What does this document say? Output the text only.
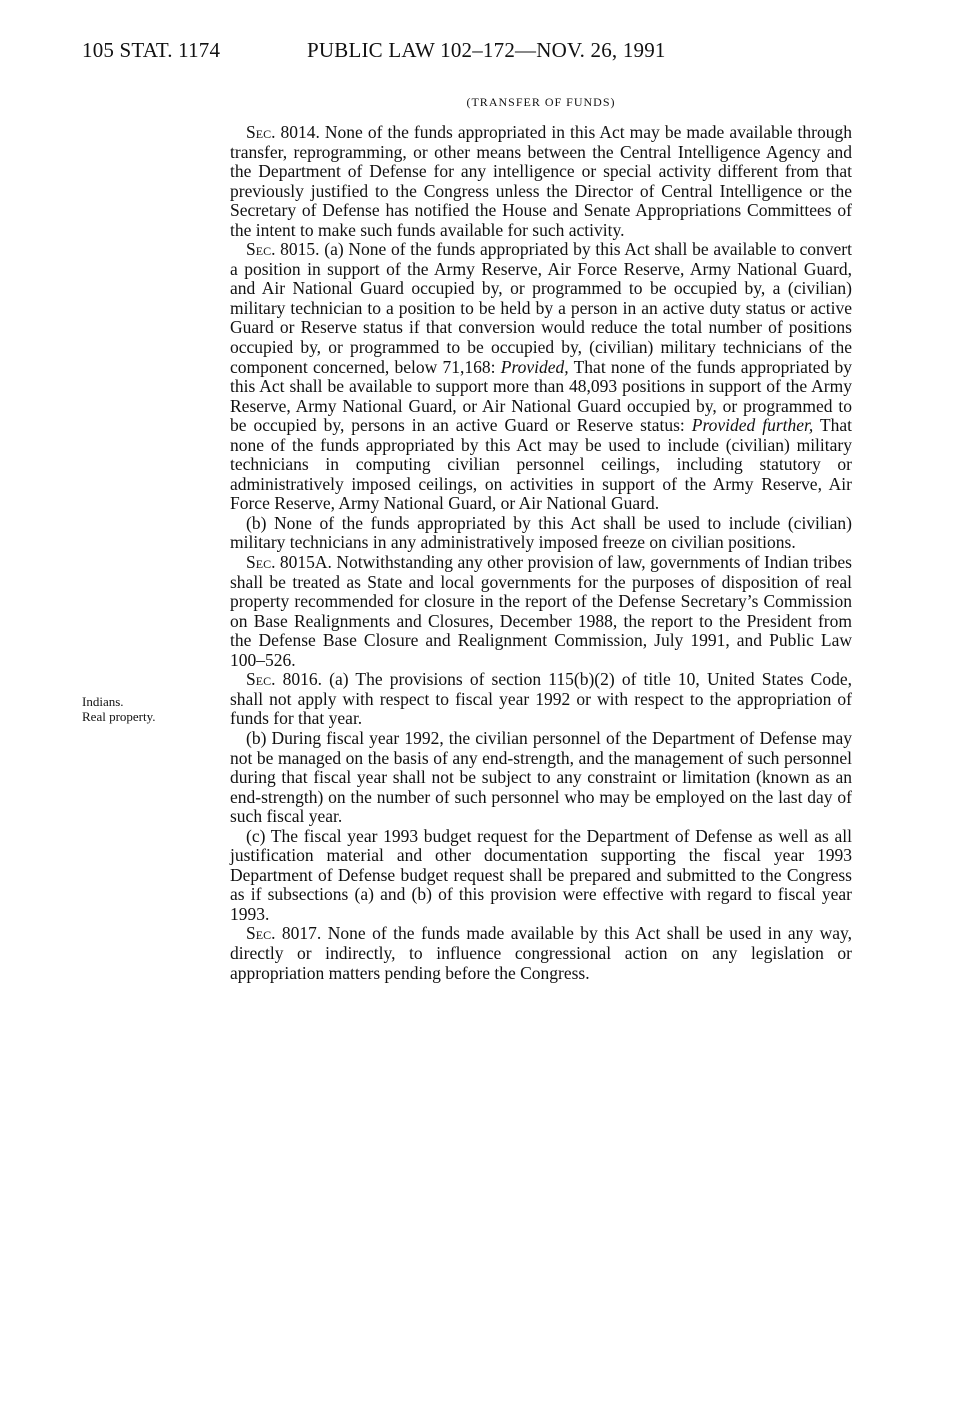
105 STAT. 1174	PUBLIC LAW 102–172—NOV. 26, 1991
(TRANSFER OF FUNDS)
Indians.
Real property.

Sec. 8014. None of the funds appropriated in this Act may be made available through transfer, reprogramming, or other means between the Central Intelligence Agency and the Department of Defense for any intelligence or special activity different from that previously justified to the Congress unless the Director of Central Intelligence or the Secretary of Defense has notified the House and Senate Appropriations Committees of the intent to make such funds available for such activity.

Sec. 8015. (a) None of the funds appropriated by this Act shall be available to convert a position in support of the Army Reserve, Air Force Reserve, Army National Guard, and Air National Guard occupied by, or programmed to be occupied by, a (civilian) military technician to a position to be held by a person in an active duty status or active Guard or Reserve status if that conversion would reduce the total number of positions occupied by, or programmed to be occupied by, (civilian) military technicians of the component concerned, below 71,168: Provided, That none of the funds appropriated by this Act shall be available to support more than 48,093 positions in support of the Army Reserve, Army National Guard, or Air National Guard occupied by, or programmed to be occupied by, persons in an active Guard or Reserve status: Provided further, That none of the funds appropriated by this Act may be used to include (civilian) military technicians in computing civilian personnel ceilings, including statutory or administratively imposed ceilings, on activities in support of the Army Reserve, Air Force Reserve, Army National Guard, or Air National Guard.

(b) None of the funds appropriated by this Act shall be used to include (civilian) military technicians in any administratively imposed freeze on civilian positions.

Sec. 8015A. Notwithstanding any other provision of law, governments of Indian tribes shall be treated as State and local governments for the purposes of disposition of real property recommended for closure in the report of the Defense Secretary’s Commission on Base Realignments and Closures, December 1988, the report to the President from the Defense Base Closure and Realignment Commission, July 1991, and Public Law 100–526.

Sec. 8016. (a) The provisions of section 115(b)(2) of title 10, United States Code, shall not apply with respect to fiscal year 1992 or with respect to the appropriation of funds for that year.

(b) During fiscal year 1992, the civilian personnel of the Department of Defense may not be managed on the basis of any end-strength, and the management of such personnel during that fiscal year shall not be subject to any constraint or limitation (known as an end-strength) on the number of such personnel who may be employed on the last day of such fiscal year.

(c) The fiscal year 1993 budget request for the Department of Defense as well as all justification material and other documentation supporting the fiscal year 1993 Department of Defense budget request shall be prepared and submitted to the Congress as if subsections (a) and (b) of this provision were effective with regard to fiscal year 1993.

Sec. 8017. None of the funds made available by this Act shall be used in any way, directly or indirectly, to influence congressional action on any legislation or appropriation matters pending before the Congress.
